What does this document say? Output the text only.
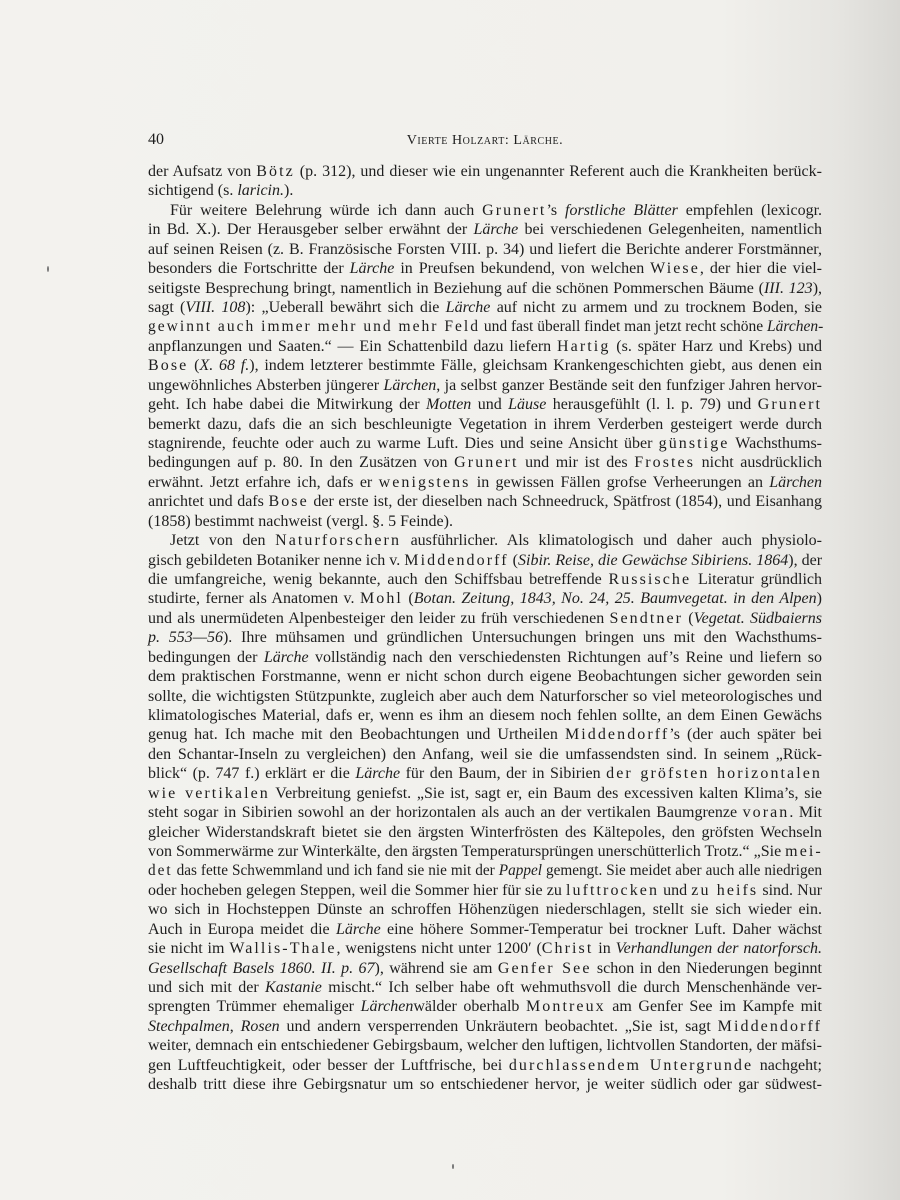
40	Vierte Holzart: Lärche.
der Aufsatz von Bötz (p. 312), und dieser wie ein ungenannter Referent auch die Krankheiten berück-
sichtigend (s. laricin.).
Für weitere Belehrung würde ich dann auch Grunert’s forstliche Blätter empfehlen (lexicogr.
in Bd. X.). Der Herausgeber selber erwähnt der Lärche bei verschiedenen Gelegenheiten, namentlich
auf seinen Reisen (z. B. Französische Forsten VIII. p. 34) und liefert die Berichte anderer Forstmänner,
besonders die Fortschritte der Lärche in Preufsen bekundend, von welchen Wiese, der hier die viel-
seitigste Besprechung bringt, namentlich in Beziehung auf die schönen Pommerschen Bäume (III. 123),
sagt (VIII. 108): „Ueberall bewährt sich die Lärche auf nicht zu armem und zu trocknem Boden, sie
gewinnt auch immer mehr und mehr Feld und fast überall findet man jetzt recht schöne Lärchen-
anpflanzungen und Saaten.“ — Ein Schattenbild dazu liefern Hartig (s. später Harz und Krebs) und
Bose (X. 68 f.), indem letzterer bestimmte Fälle, gleichsam Krankengeschichten giebt, aus denen ein
ungewöhnliches Absterben jüngerer Lärchen, ja selbst ganzer Bestände seit den funfziger Jahren hervor-
geht. Ich habe dabei die Mitwirkung der Motten und Läuse herausgefühlt (l. l. p. 79) und Grunert
bemerkt dazu, dafs die an sich beschleunigte Vegetation in ihrem Verderben gesteigert werde durch
stagnirende, feuchte oder auch zu warme Luft. Dies und seine Ansicht über günstige Wachsthums-
bedingungen auf p. 80. In den Zusätzen von Grunert und mir ist des Frostes nicht ausdrücklich
erwähnt. Jetzt erfahre ich, dafs er wenigstens in gewissen Fällen grofse Verheerungen an Lärchen
anrichtet und dafs Bose der erste ist, der dieselben nach Schneedruck, Spätfrost (1854), und Eisanhang
(1858) bestimmt nachweist (vergl. §. 5 Feinde).
Jetzt von den Naturforschern ausführlicher. Als klimatologisch und daher auch physiolo-
gisch gebildeten Botaniker nenne ich v. Middendorff (Sibir. Reise, die Gewächse Sibiriens. 1864), der
die umfangreiche, wenig bekannte, auch den Schiffsbau betreffende Russische Literatur gründlich
studirte, ferner als Anatomen v. Mohl (Botan. Zeitung, 1843, No. 24, 25. Baumvegetat. in den Alpen)
und als unermüdeten Alpenbesteiger den leider zu früh verschiedenen Sendtner (Vegetat. Südbaierns
p. 553—56). Ihre mühsamen und gründlichen Untersuchungen bringen uns mit den Wachsthums-
bedingungen der Lärche vollständig nach den verschiedensten Richtungen auf’s Reine und liefern so
dem praktischen Forstmanne, wenn er nicht schon durch eigene Beobachtungen sicher geworden sein
sollte, die wichtigsten Stützpunkte, zugleich aber auch dem Naturforscher so viel meteorologisches und
klimatologisches Material, dafs er, wenn es ihm an diesem noch fehlen sollte, an dem Einen Gewächs
genug hat. Ich mache mit den Beobachtungen und Urtheilen Middendorff’s (der auch später bei
den Schantar-Inseln zu vergleichen) den Anfang, weil sie die umfassendsten sind. In seinem „Rück-
blick“ (p. 747 f.) erklärt er die Lärche für den Baum, der in Sibirien der gröfsten horizontalen
wie vertikalen Verbreitung geniefst. „Sie ist, sagt er, ein Baum des excessiven kalten Klima’s, sie
steht sogar in Sibirien sowohl an der horizontalen als auch an der vertikalen Baumgrenze voran. Mit
gleicher Widerstandskraft bietet sie den ärgsten Winterfrösten des Kältepoles, den gröfsten Wechseln
von Sommerwärme zur Winterkälte, den ärgsten Temperatursprüngen unerschütterlich Trotz.“ „Sie mei-
det das fette Schwemmland und ich fand sie nie mit der Pappel gemengt. Sie meidet aber auch alle niedrigen
oder hocheben gelegen Steppen, weil die Sommer hier für sie zu lufttrocken und zu heifs sind. Nur
wo sich in Hochsteppen Dünste an schroffen Höhenzügen niederschlagen, stellt sie sich wieder ein.
Auch in Europa meidet die Lärche eine höhere Sommer-Temperatur bei trockner Luft. Daher wächst
sie nicht im Wallis-Thale, wenigstens nicht unter 1200′ (Christ in Verhandlungen der natorforsch.
Gesellschaft Basels 1860. II. p. 67), während sie am Genfer See schon in den Niederungen beginnt
und sich mit der Kastanie mischt.“ Ich selber habe oft wehmuthsvoll die durch Menschenhände ver-
sprengten Trümmer ehemaliger Lärchenwälder oberhalb Montreux am Genfer See im Kampfe mit
Stechpalmen, Rosen und andern versperrenden Unkräutern beobachtet. „Sie ist, sagt Middendorff
weiter, demnach ein entschiedener Gebirgsbaum, welcher den luftigen, lichtvollen Standorten, der mäfsi-
gen Luftfeuchtigkeit, oder besser der Luftfrische, bei durchlassendem Untergrunde nachgeht;
deshalb tritt diese ihre Gebirgsnatur um so entschiedener hervor, je weiter südlich oder gar südwest-
